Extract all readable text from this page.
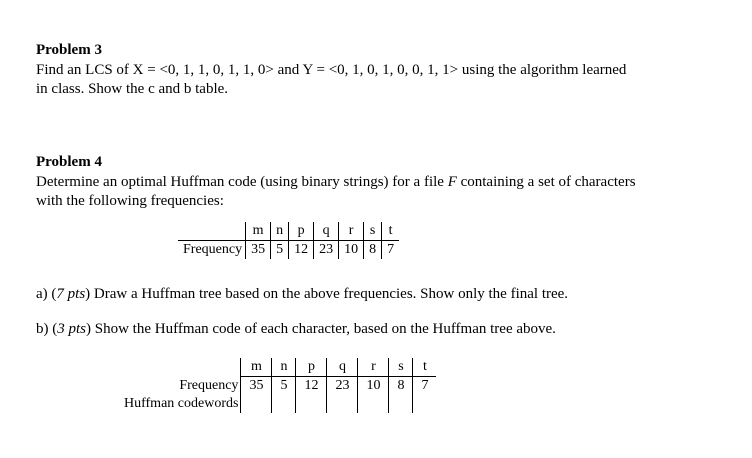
Problem 3
Find an LCS of X = <0, 1, 1, 0, 1, 1, 0> and Y = <0, 1, 0, 1, 0, 0, 1, 1> using the algorithm learned
in class. Show the c and b table.
Problem 4
Determine an optimal Huffman code (using binary strings) for a file F containing a set of characters
with the following frequencies:
	m	n	p	q	r	s	t
Frequency	35	5	12	23	10	8	7
a) (7 pts) Draw a Huffman tree based on the above frequencies. Show only the final tree.
b) (3 pts) Show the Huffman code of each character, based on the Huffman tree above.
	m	n	p	q	r	s	t
Frequency	35	5	12	23	10	8	7
Huffman codewords							
